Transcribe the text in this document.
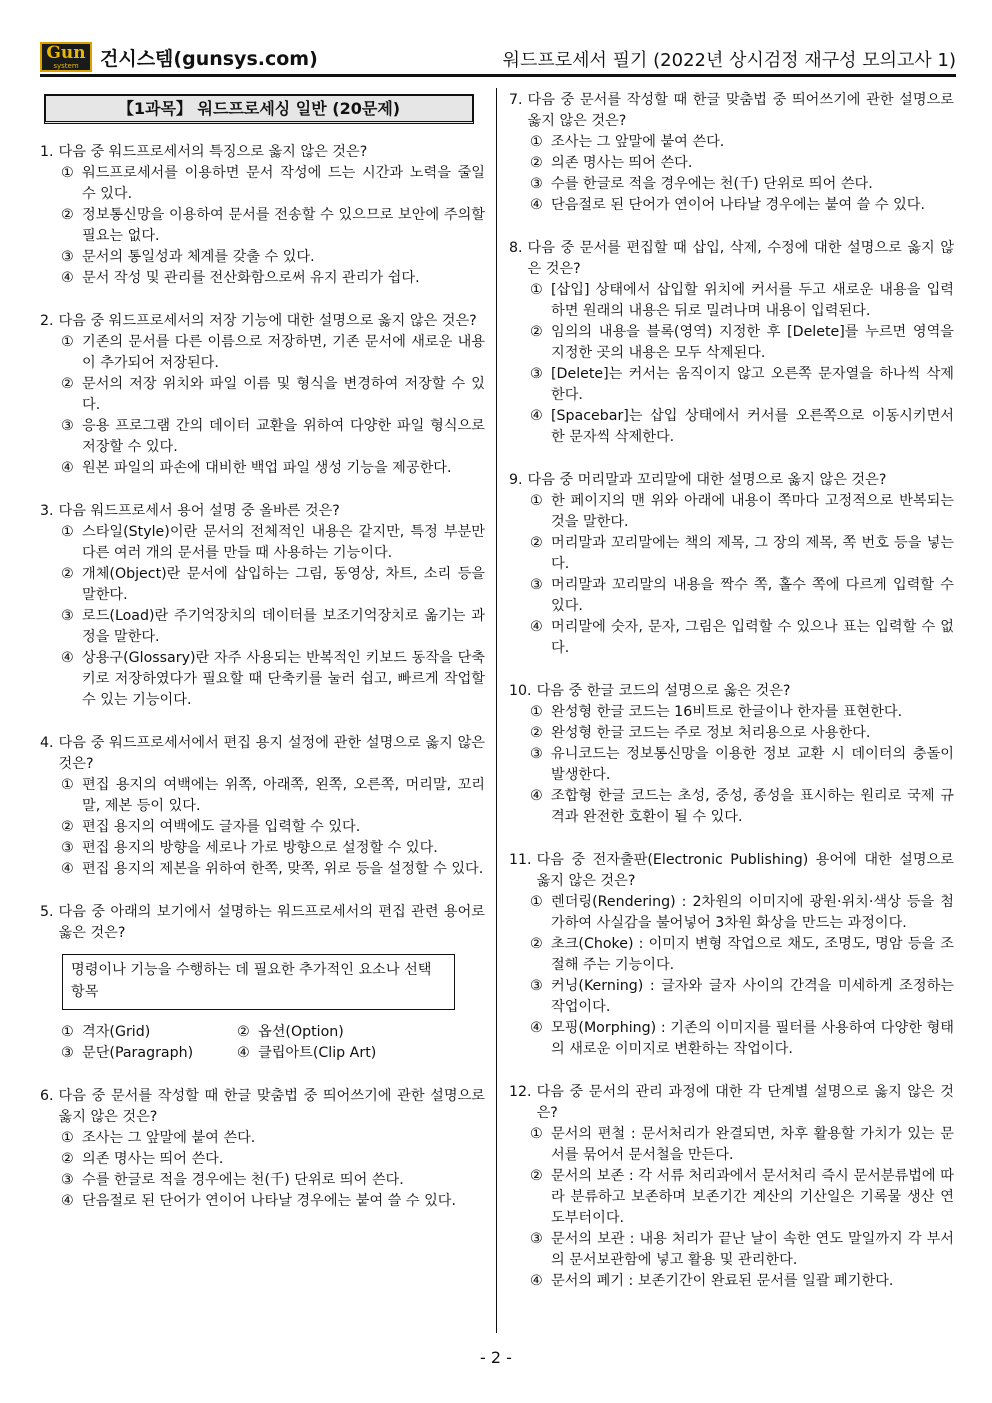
Gun
system	건시스템(gunsys.com)	워드프로세서 필기 (2022년 상시검정 재구성 모의고사 1)
【1과목】 워드프로세싱 일반 (20문제)
1. 다음 중 워드프로세서의 특징으로 옳지 않은 것은?
① 워드프로세서를 이용하면 문서 작성에 드는 시간과 노력을 줄일 수 있다.
② 정보통신망을 이용하여 문서를 전송할 수 있으므로 보안에 주의할 필요는 없다.
③ 문서의 통일성과 체계를 갖출 수 있다.
④ 문서 작성 및 관리를 전산화함으로써 유지 관리가 쉽다.
2. 다음 중 워드프로세서의 저장 기능에 대한 설명으로 옳지 않은 것은?
① 기존의 문서를 다른 이름으로 저장하면, 기존 문서에 새로운 내용이 추가되어 저장된다.
② 문서의 저장 위치와 파일 이름 및 형식을 변경하여 저장할 수 있다.
③ 응용 프로그램 간의 데이터 교환을 위하여 다양한 파일 형식으로 저장할 수 있다.
④ 원본 파일의 파손에 대비한 백업 파일 생성 기능을 제공한다.
3. 다음 워드프로세서 용어 설명 중 올바른 것은?
① 스타일(Style)이란 문서의 전체적인 내용은 같지만, 특정 부분만 다른 여러 개의 문서를 만들 때 사용하는 기능이다.
② 개체(Object)란 문서에 삽입하는 그림, 동영상, 차트, 소리 등을 말한다.
③ 로드(Load)란 주기억장치의 데이터를 보조기억장치로 옮기는 과정을 말한다.
④ 상용구(Glossary)란 자주 사용되는 반복적인 키보드 동작을 단축키로 저장하였다가 필요할 때 단축키를 눌러 쉽고, 빠르게 작업할 수 있는 기능이다.
4. 다음 중 워드프로세서에서 편집 용지 설정에 관한 설명으로 옳지 않은 것은?
① 편집 용지의 여백에는 위쪽, 아래쪽, 왼쪽, 오른쪽, 머리말, 꼬리말, 제본 등이 있다.
② 편집 용지의 여백에도 글자를 입력할 수 있다.
③ 편집 용지의 방향을 세로나 가로 방향으로 설정할 수 있다.
④ 편집 용지의 제본을 위하여 한쪽, 맞쪽, 위로 등을 설정할 수 있다.
5. 다음 중 아래의 보기에서 설명하는 워드프로세서의 편집 관련 용어로 옳은 것은?
명령이나 기능을 수행하는 데 필요한 추가적인 요소나 선택 항목
① 격자(Grid)	② 옵션(Option)
③ 문단(Paragraph)	④ 클립아트(Clip Art)
6. 다음 중 문서를 작성할 때 한글 맞춤법 중 띄어쓰기에 관한 설명으로 옳지 않은 것은?
① 조사는 그 앞말에 붙여 쓴다.
② 의존 명사는 띄어 쓴다.
③ 수를 한글로 적을 경우에는 천(千) 단위로 띄어 쓴다.
④ 단음절로 된 단어가 연이어 나타날 경우에는 붙여 쓸 수 있다.
7. 다음 중 문서를 작성할 때 한글 맞춤법 중 띄어쓰기에 관한 설명으로 옳지 않은 것은?
① 조사는 그 앞말에 붙여 쓴다.
② 의존 명사는 띄어 쓴다.
③ 수를 한글로 적을 경우에는 천(千) 단위로 띄어 쓴다.
④ 단음절로 된 단어가 연이어 나타날 경우에는 붙여 쓸 수 있다.
8. 다음 중 문서를 편집할 때 삽입, 삭제, 수정에 대한 설명으로 옳지 않은 것은?
① [삽입] 상태에서 삽입할 위치에 커서를 두고 새로운 내용을 입력하면 원래의 내용은 뒤로 밀려나며 내용이 입력된다.
② 임의의 내용을 블록(영역) 지정한 후 [Delete]를 누르면 영역을 지정한 곳의 내용은 모두 삭제된다.
③ [Delete]는 커서는 움직이지 않고 오른쪽 문자열을 하나씩 삭제한다.
④ [Spacebar]는 삽입 상태에서 커서를 오른쪽으로 이동시키면서 한 문자씩 삭제한다.
9. 다음 중 머리말과 꼬리말에 대한 설명으로 옳지 않은 것은?
① 한 페이지의 맨 위와 아래에 내용이 쪽마다 고정적으로 반복되는 것을 말한다.
② 머리말과 꼬리말에는 책의 제목, 그 장의 제목, 쪽 번호 등을 넣는다.
③ 머리말과 꼬리말의 내용을 짝수 쪽, 홀수 쪽에 다르게 입력할 수 있다.
④ 머리말에 숫자, 문자, 그림은 입력할 수 있으나 표는 입력할 수 없다.
10. 다음 중 한글 코드의 설명으로 옳은 것은?
① 완성형 한글 코드는 16비트로 한글이나 한자를 표현한다.
② 완성형 한글 코드는 주로 정보 처리용으로 사용한다.
③ 유니코드는 정보통신망을 이용한 정보 교환 시 데이터의 충돌이 발생한다.
④ 조합형 한글 코드는 초성, 중성, 종성을 표시하는 원리로 국제 규격과 완전한 호환이 될 수 있다.
11. 다음 중 전자출판(Electronic Publishing) 용어에 대한 설명으로 옳지 않은 것은?
① 렌더링(Rendering) : 2차원의 이미지에 광원·위치·색상 등을 첨가하여 사실감을 불어넣어 3차원 화상을 만드는 과정이다.
② 초크(Choke) : 이미지 변형 작업으로 채도, 조명도, 명암 등을 조절해 주는 기능이다.
③ 커닝(Kerning) : 글자와 글자 사이의 간격을 미세하게 조정하는 작업이다.
④ 모핑(Morphing) : 기존의 이미지를 필터를 사용하여 다양한 형태의 새로운 이미지로 변환하는 작업이다.
12. 다음 중 문서의 관리 과정에 대한 각 단계별 설명으로 옳지 않은 것은?
① 문서의 편철 : 문서처리가 완결되면, 차후 활용할 가치가 있는 문서를 묶어서 문서철을 만든다.
② 문서의 보존 : 각 서류 처리과에서 문서처리 즉시 문서분류법에 따라 분류하고 보존하며 보존기간 계산의 기산일은 기록물 생산 연도부터이다.
③ 문서의 보관 : 내용 처리가 끝난 날이 속한 연도 말일까지 각 부서의 문서보관함에 넣고 활용 및 관리한다.
④ 문서의 폐기 : 보존기간이 완료된 문서를 일괄 폐기한다.
- 2 -
